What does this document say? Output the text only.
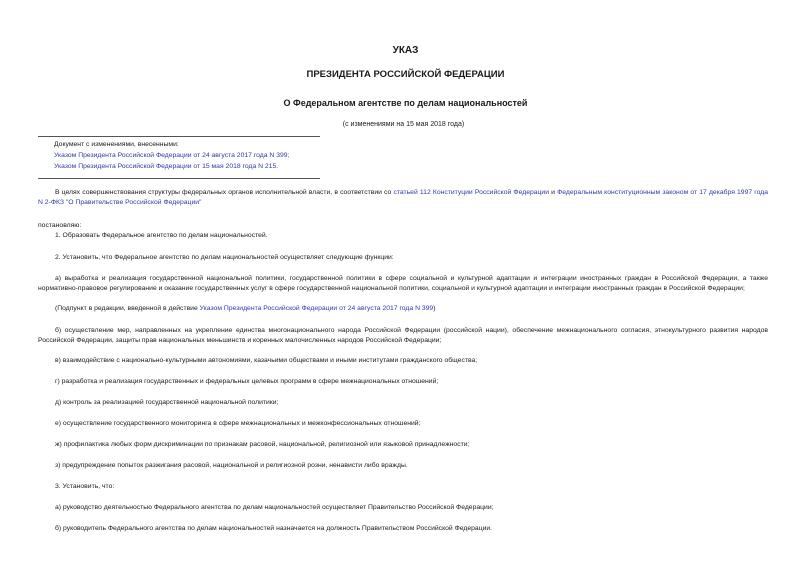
УКАЗ
ПРЕЗИДЕНТА РОССИЙСКОЙ ФЕДЕРАЦИИ
О Федеральном агентстве по делам национальностей
(с изменениями на 15 мая 2018 года)
Документ с изменениями, внесенными:
Указом Президента Российской Федерации от 24 августа 2017 года N 399;
Указом Президента Российской Федерации от 15 мая 2018 года N 215.
В целях совершенствования структуры федеральных органов исполнительной власти, в соответствии со статьей 112 Конституции Российской Федерации и Федеральным конституционным законом от 17 декабря 1997 года N 2-ФКЗ "О Правительстве Российской Федерации"
постановляю:
1. Образовать Федеральное агентство по делам национальностей.
2. Установить, что Федеральное агентство по делам национальностей осуществляет следующие функции:
а) выработка и реализация государственной национальной политики, государственной политики в сфере социальной и культурной адаптации и интеграции иностранных граждан в Российской Федерации, а также нормативно-правовое регулирование и оказание государственных услуг в сфере государственной национальной политики, социальной и культурной адаптации и интеграции иностранных граждан в Российской Федерации;
(Подпункт в редакции, введенной в действие Указом Президента Российской Федерации от 24 августа 2017 года N 399)
б) осуществление мер, направленных на укрепление единства многонационального народа Российской Федерации (российской нации), обеспечение межнационального согласия, этнокультурного развития народов Российской Федерации, защиты прав национальных меньшинств и коренных малочисленных народов Российской Федерации;
в) взаимодействие с национально-культурными автономиями, казачьими обществами и иными институтами гражданского общества;
г) разработка и реализация государственных и федеральных целевых программ в сфере межнациональных отношений;
д) контроль за реализацией государственной национальной политики;
е) осуществление государственного мониторинга в сфере межнациональных и межконфессиональных отношений;
ж) профилактика любых форм дискриминации по признакам расовой, национальной, религиозной или языковой принадлежности;
з) предупреждение попыток разжигания расовой, национальной и религиозной розни, ненависти либо вражды.
3. Установить, что:
а) руководство деятельностью Федерального агентства по делам национальностей осуществляет Правительство Российской Федерации;
б) руководитель Федерального агентства по делам национальностей назначается на должность Правительством Российской Федерации.
